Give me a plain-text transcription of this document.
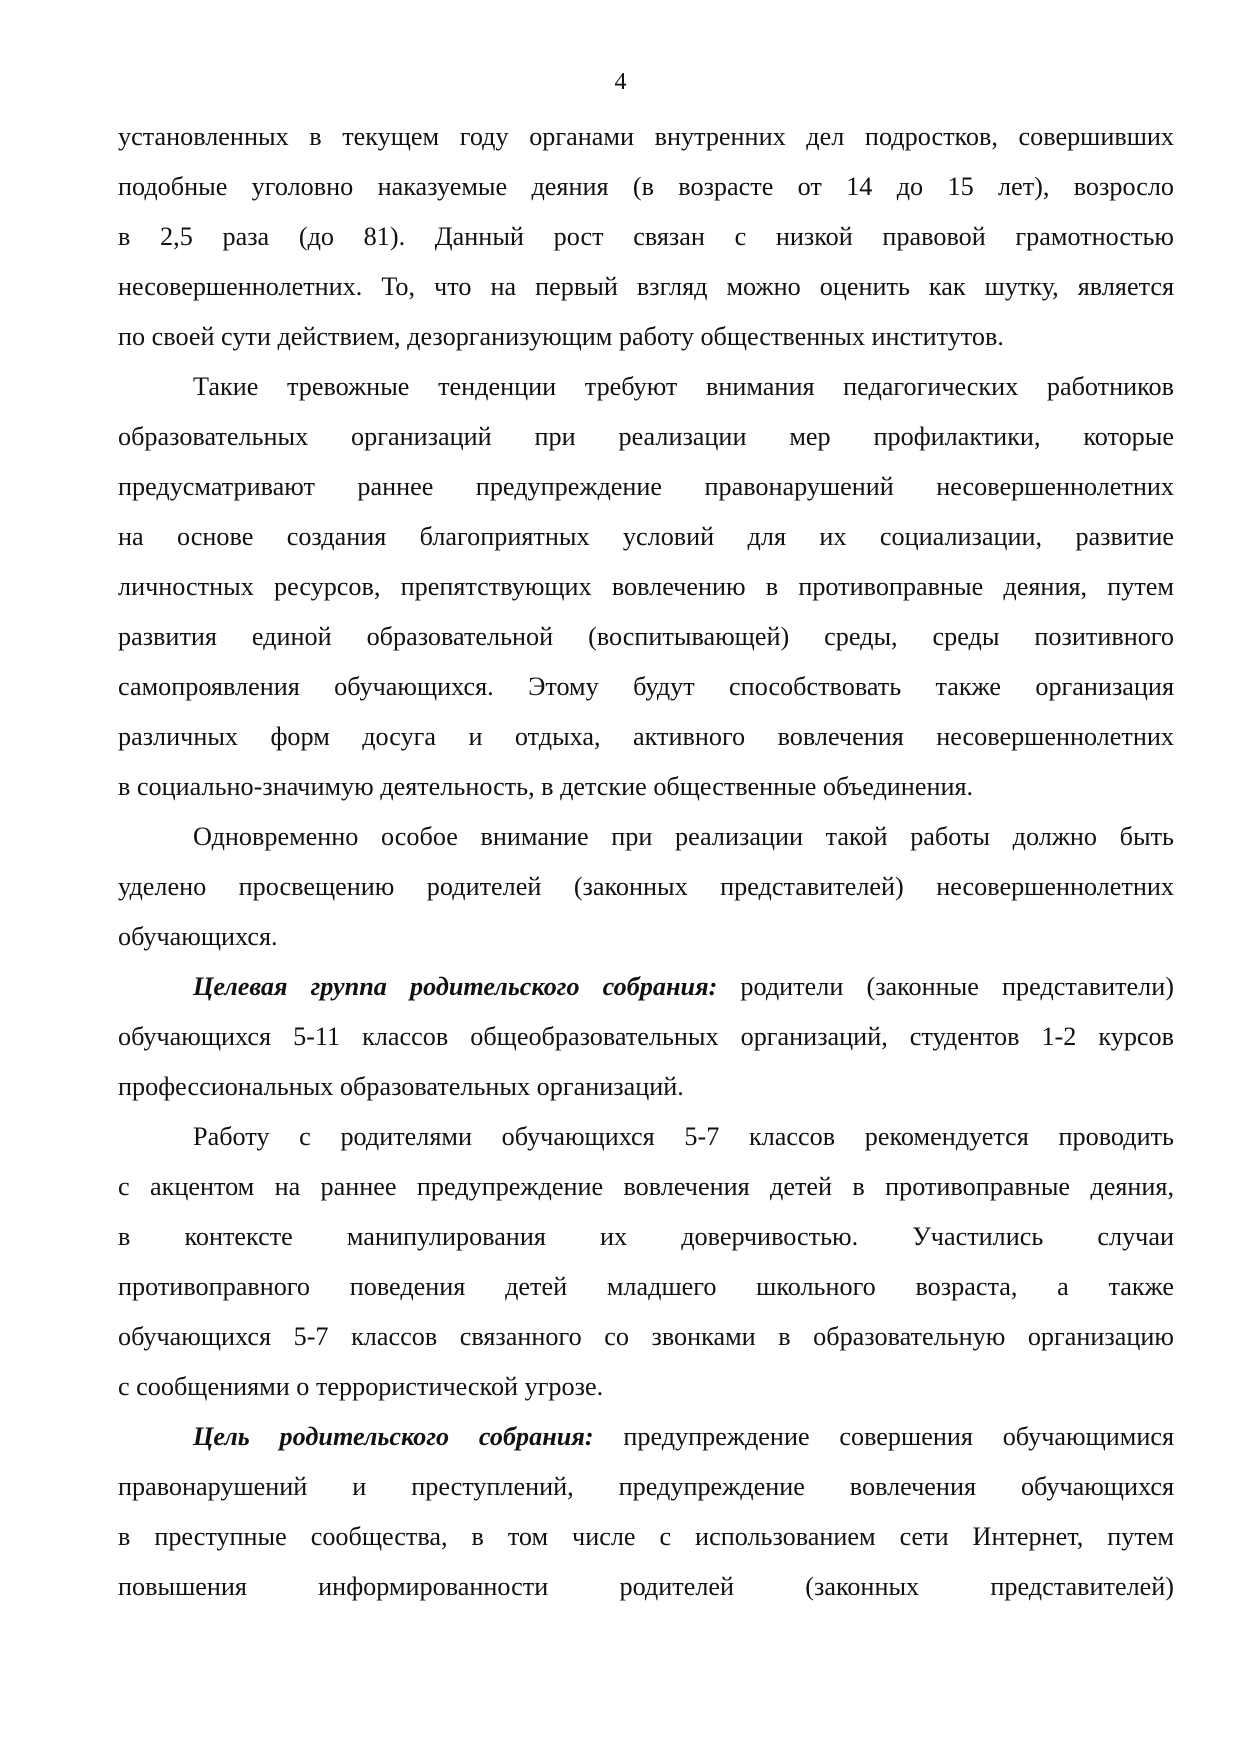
4
установленных в текущем году органами внутренних дел подростков, совершивших
подобные уголовно наказуемые деяния (в возрасте от 14 до 15 лет), возросло
в 2,5 раза (до 81). Данный рост связан с низкой правовой грамотностью
несовершеннолетних. То, что на первый взгляд можно оценить как шутку, является
по своей сути действием, дезорганизующим работу общественных институтов.
Такие тревожные тенденции требуют внимания педагогических работников
образовательных организаций при реализации мер профилактики, которые
предусматривают раннее предупреждение правонарушений несовершеннолетних
на основе создания благоприятных условий для их социализации, развитие
личностных ресурсов, препятствующих вовлечению в противоправные деяния, путем
развития единой образовательной (воспитывающей) среды, среды позитивного
самопроявления обучающихся. Этому будут способствовать также организация
различных форм досуга и отдыха, активного вовлечения несовершеннолетних
в социально-значимую деятельность, в детские общественные объединения.
Одновременно особое внимание при реализации такой работы должно быть
уделено просвещению родителей (законных представителей) несовершеннолетних
обучающихся.
Целевая группа родительского собрания: родители (законные представители)
обучающихся 5-11 классов общеобразовательных организаций, студентов 1-2 курсов
профессиональных образовательных организаций.
Работу с родителями обучающихся 5-7 классов рекомендуется проводить
с акцентом на раннее предупреждение вовлечения детей в противоправные деяния,
в контексте манипулирования их доверчивостью. Участились случаи
противоправного поведения детей младшего школьного возраста, а также
обучающихся 5-7 классов связанного со звонками в образовательную организацию
с сообщениями о террористической угрозе.
Цель родительского собрания: предупреждение совершения обучающимися
правонарушений и преступлений, предупреждение вовлечения обучающихся
в преступные сообщества, в том числе с использованием сети Интернет, путем
повышения информированности родителей (законных представителей)
